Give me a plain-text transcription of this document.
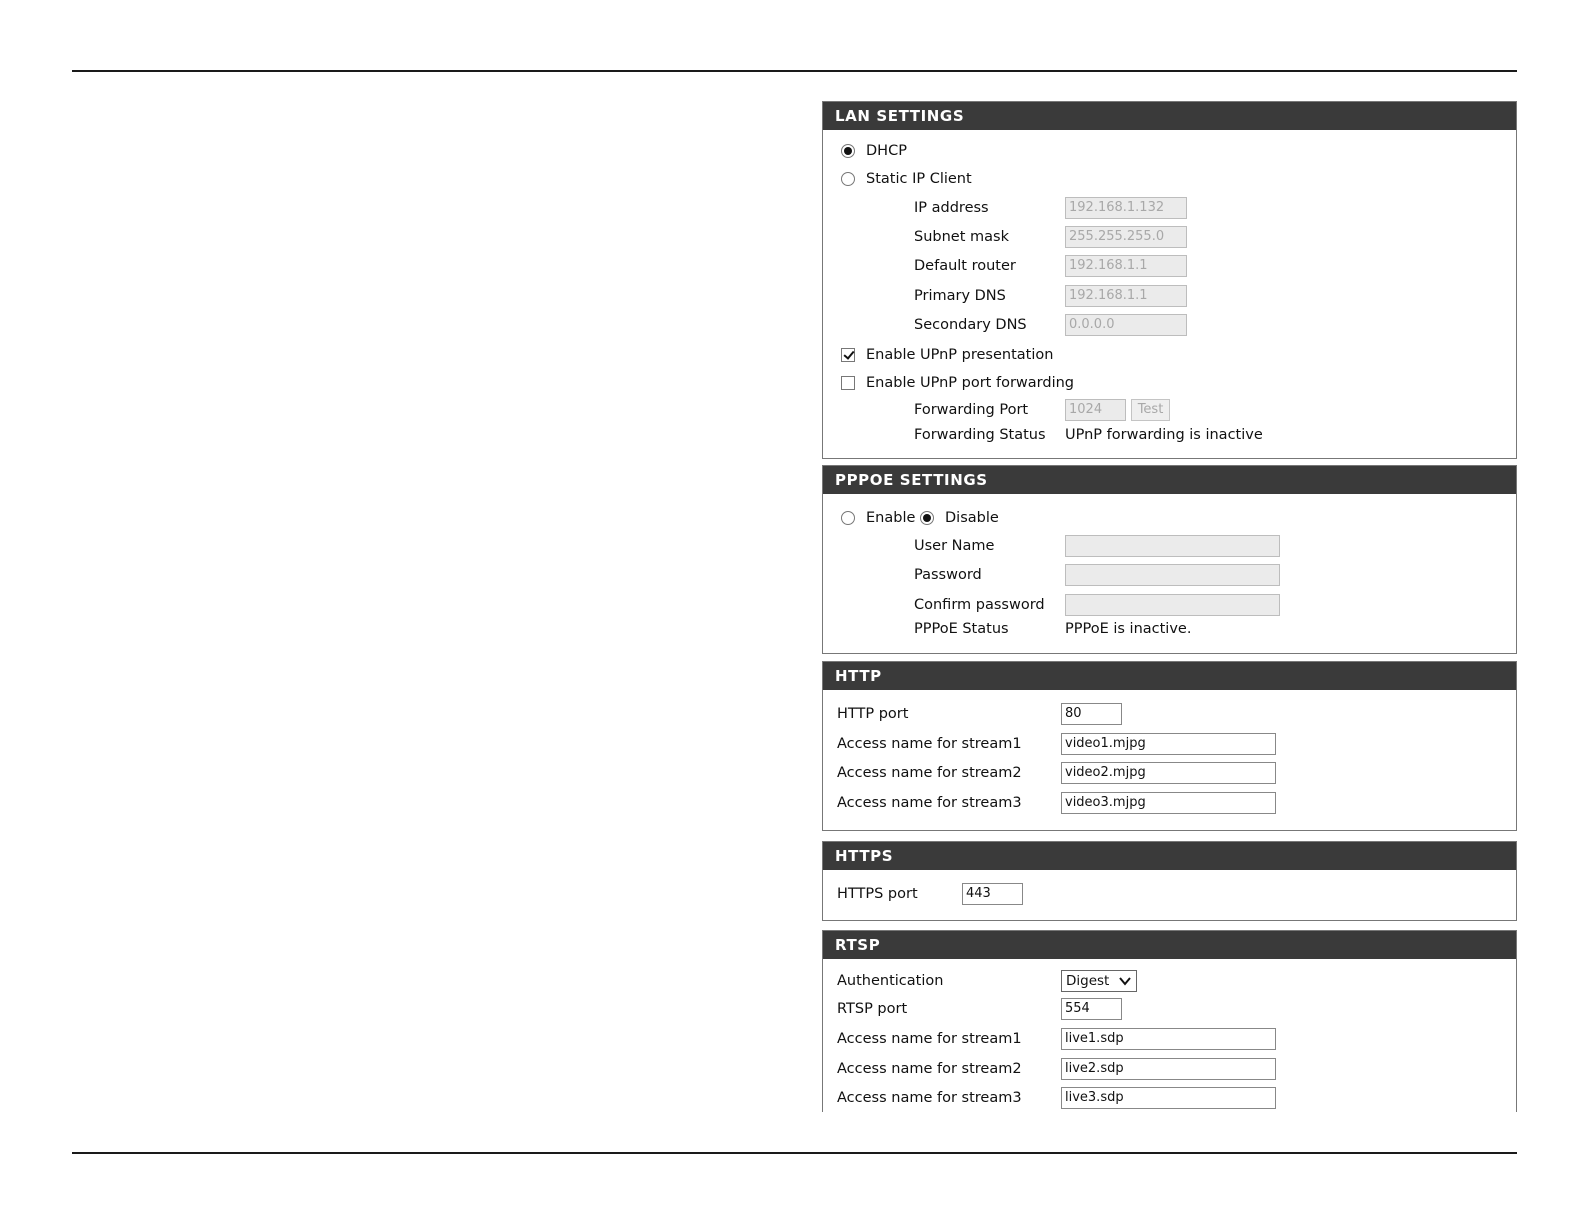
LAN SETTINGS
DHCP
Static IP Client
IP address	192.168.1.132
Subnet mask	255.255.255.0
Default router	192.168.1.1
Primary DNS	192.168.1.1
Secondary DNS	0.0.0.0
Enable UPnP presentation
Enable UPnP port forwarding
Forwarding Port	1024	Test
Forwarding Status UPnP forwarding is inactive
PPPOE SETTINGS
Enable Disable
User Name
Password
Confirm password
PPPoE Status	PPPoE is inactive.
HTTP
HTTP port	80
Access name for stream1	video1.mjpg
Access name for stream2	video2.mjpg
Access name for stream3	video3.mjpg
HTTPS
HTTPS port	443
RTSP
Authentication	Digest
RTSP port	554
Access name for stream1	live1.sdp
Access name for stream2	live2.sdp
Access name for stream3	live3.sdp
